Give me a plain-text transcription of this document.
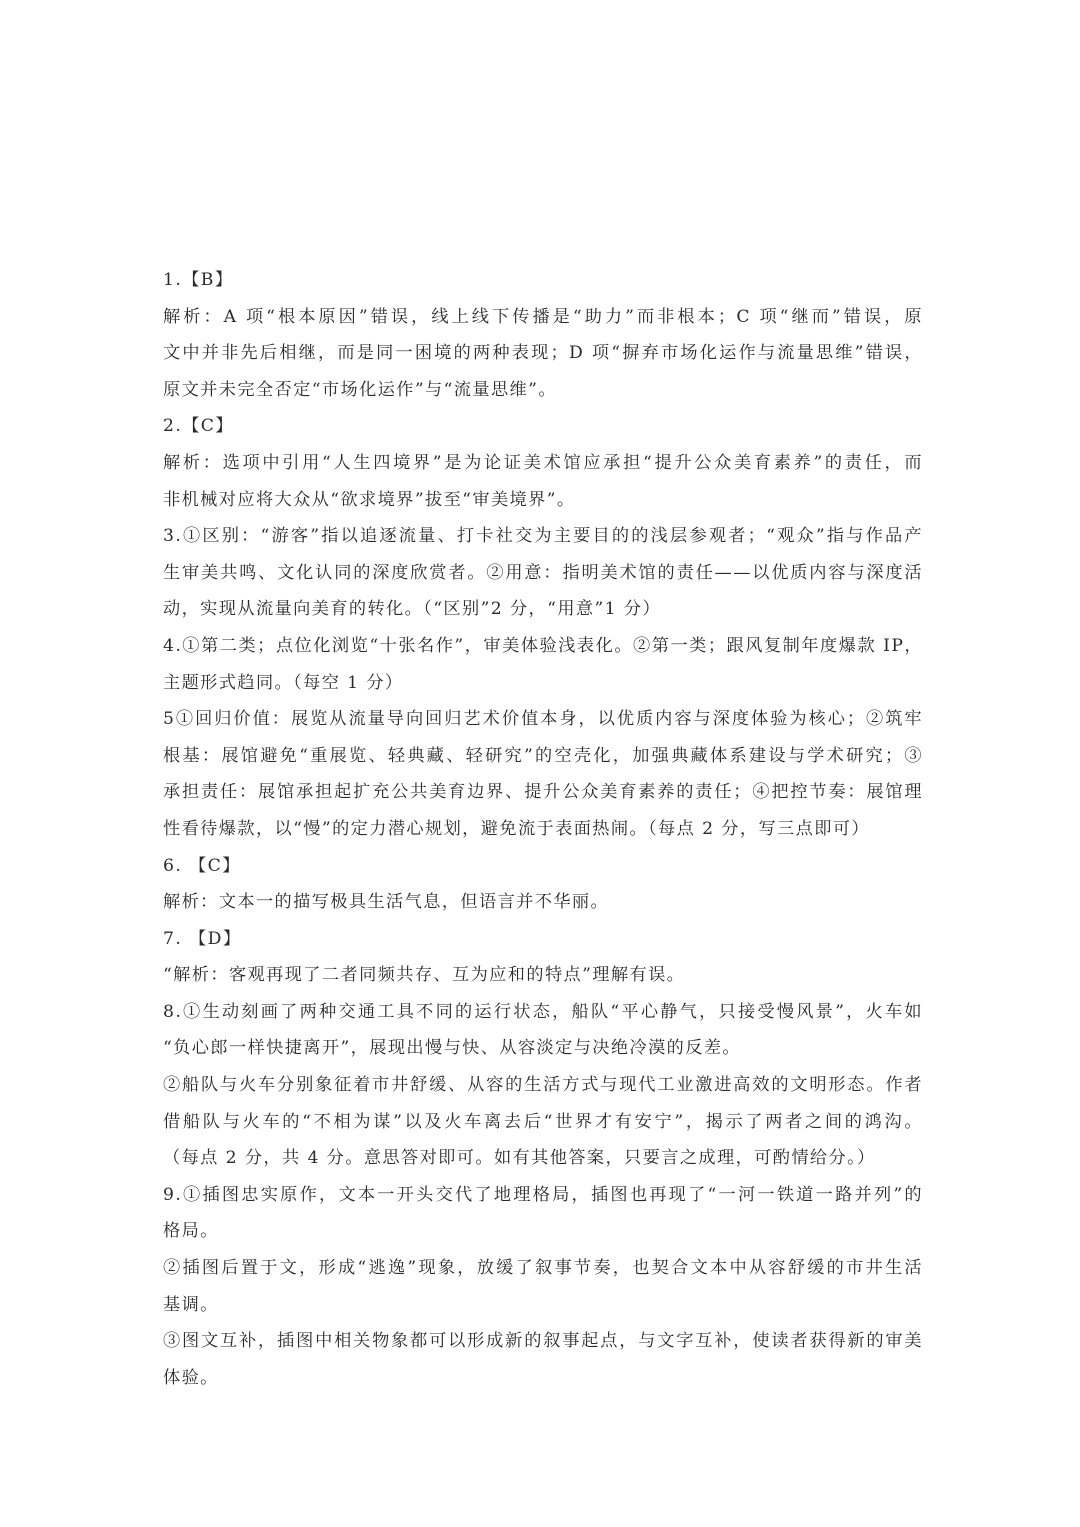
1.【B】
解析：A 项“根本原因”错误，线上线下传播是“助力”而非根本；C 项“继而”错误，原
文中并非先后相继，而是同一困境的两种表现；D 项“摒弃市场化运作与流量思维”错误，
原文并未完全否定“市场化运作”与“流量思维”。
2.【C】
解析：选项中引用“人生四境界”是为论证美术馆应承担“提升公众美育素养”的责任，而
非机械对应将大众从“欲求境界”拔至“审美境界”。
3.①区别：“游客”指以追逐流量、打卡社交为主要目的的浅层参观者；“观众”指与作品产
生审美共鸣、文化认同的深度欣赏者。②用意：指明美术馆的责任——以优质内容与深度活
动，实现从流量向美育的转化。（“区别”2 分，“用意”1 分）
4.①第二类；点位化浏览“十张名作”，审美体验浅表化。②第一类；跟风复制年度爆款 IP，
主题形式趋同。（每空 1 分）
5①回归价值：展览从流量导向回归艺术价值本身，以优质内容与深度体验为核心；②筑牢
根基：展馆避免“重展览、轻典藏、轻研究”的空壳化，加强典藏体系建设与学术研究；③
承担责任：展馆承担起扩充公共美育边界、提升公众美育素养的责任；④把控节奏：展馆理
性看待爆款，以“慢”的定力潜心规划，避免流于表面热闹。（每点 2 分，写三点即可）
6. 【C】
解析：文本一的描写极具生活气息，但语言并不华丽。
7. 【D】
“解析：客观再现了二者同频共存、互为应和的特点”理解有误。
8.①生动刻画了两种交通工具不同的运行状态，船队“平心静气，只接受慢风景”，火车如
“负心郎一样快捷离开”，展现出慢与快、从容淡定与决绝冷漠的反差。
②船队与火车分别象征着市井舒缓、从容的生活方式与现代工业激进高效的文明形态。作者
借船队与火车的“不相为谋”以及火车离去后“世界才有安宁”，揭示了两者之间的鸿沟。
（每点 2 分，共 4 分。意思答对即可。如有其他答案，只要言之成理，可酌情给分。）
9.①插图忠实原作，文本一开头交代了地理格局，插图也再现了“一河一铁道一路并列”的
格局。
②插图后置于文，形成“逃逸”现象，放缓了叙事节奏，也契合文本中从容舒缓的市井生活
基调。
③图文互补，插图中相关物象都可以形成新的叙事起点，与文字互补，使读者获得新的审美
体验。
